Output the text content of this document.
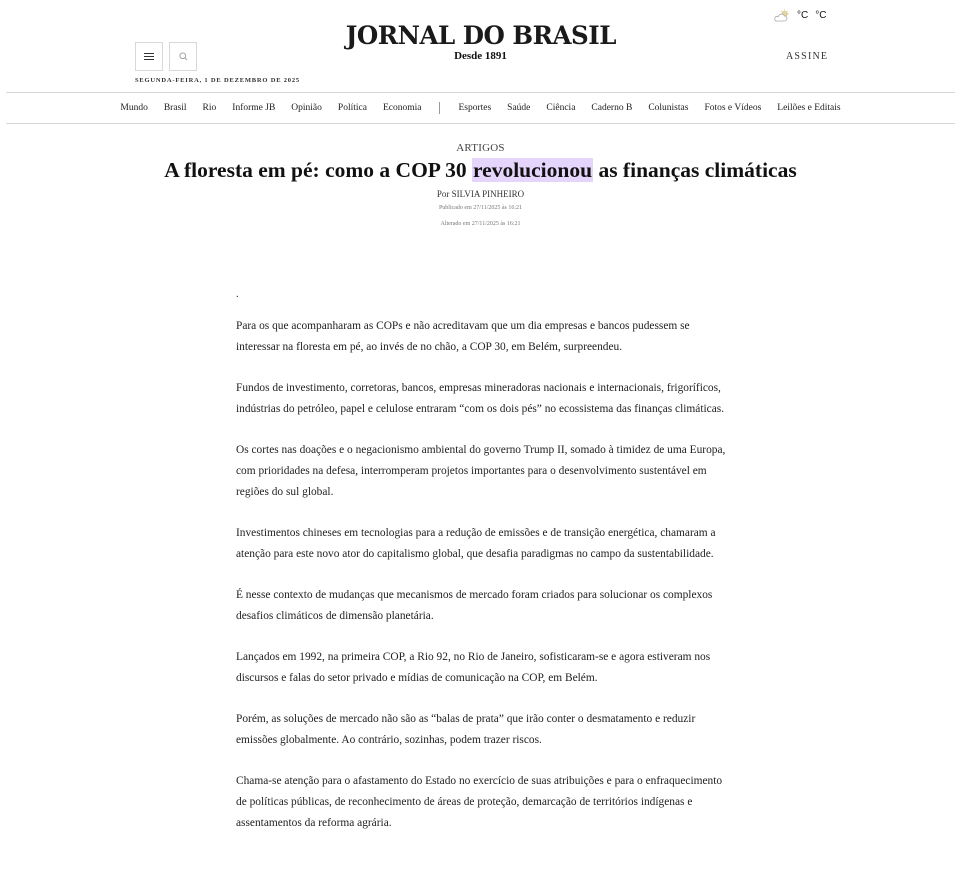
SEGUNDA-FEIRA, 1 DE DEZEMBRO DE 2025
JORNAL DO BRASIL
Desde 1891
°C °C
ASSINE
Mundo	Brasil	Rio	Informe JB	Opinião	Política	Economia	Esportes	Saúde	Ciência	Caderno B	Colunistas	Fotos e Vídeos	Leilões e Editais
ARTIGOS
A floresta em pé: como a COP 30 revolucionou as finanças climáticas
Por SILVIA PINHEIRO
Publicado em 27/11/2025 às 16:21
Alterado em 27/11/2025 às 16:21
.

Para os que acompanharam as COPs e não acreditavam que um dia empresas e bancos pudessem se interessar na floresta em pé, ao invés de no chão, a COP 30, em Belém, surpreendeu.

Fundos de investimento, corretoras, bancos, empresas mineradoras nacionais e internacionais, frigoríficos, indústrias do petróleo, papel e celulose entraram “com os dois pés” no ecossistema das finanças climáticas.

Os cortes nas doações e o negacionismo ambiental do governo Trump II, somado à timidez de uma Europa, com prioridades na defesa, interromperam projetos importantes para o desenvolvimento sustentável em regiões do sul global.

Investimentos chineses em tecnologias para a redução de emissões e de transição energética, chamaram a atenção para este novo ator do capitalismo global, que desafia paradigmas no campo da sustentabilidade.

É nesse contexto de mudanças que mecanismos de mercado foram criados para solucionar os complexos desafios climáticos de dimensão planetária.

Lançados em 1992, na primeira COP, a Rio 92, no Rio de Janeiro, sofisticaram-se e agora estiveram nos discursos e falas do setor privado e mídias de comunicação na COP, em Belém.

Porém, as soluções de mercado não são as “balas de prata” que irão conter o desmatamento e reduzir emissões globalmente. Ao contrário, sozinhas, podem trazer riscos.

Chama-se atenção para o afastamento do Estado no exercício de suas atribuições e para o enfraquecimento de políticas públicas, de reconhecimento de áreas de proteção, demarcação de territórios indígenas e assentamentos da reforma agrária.
